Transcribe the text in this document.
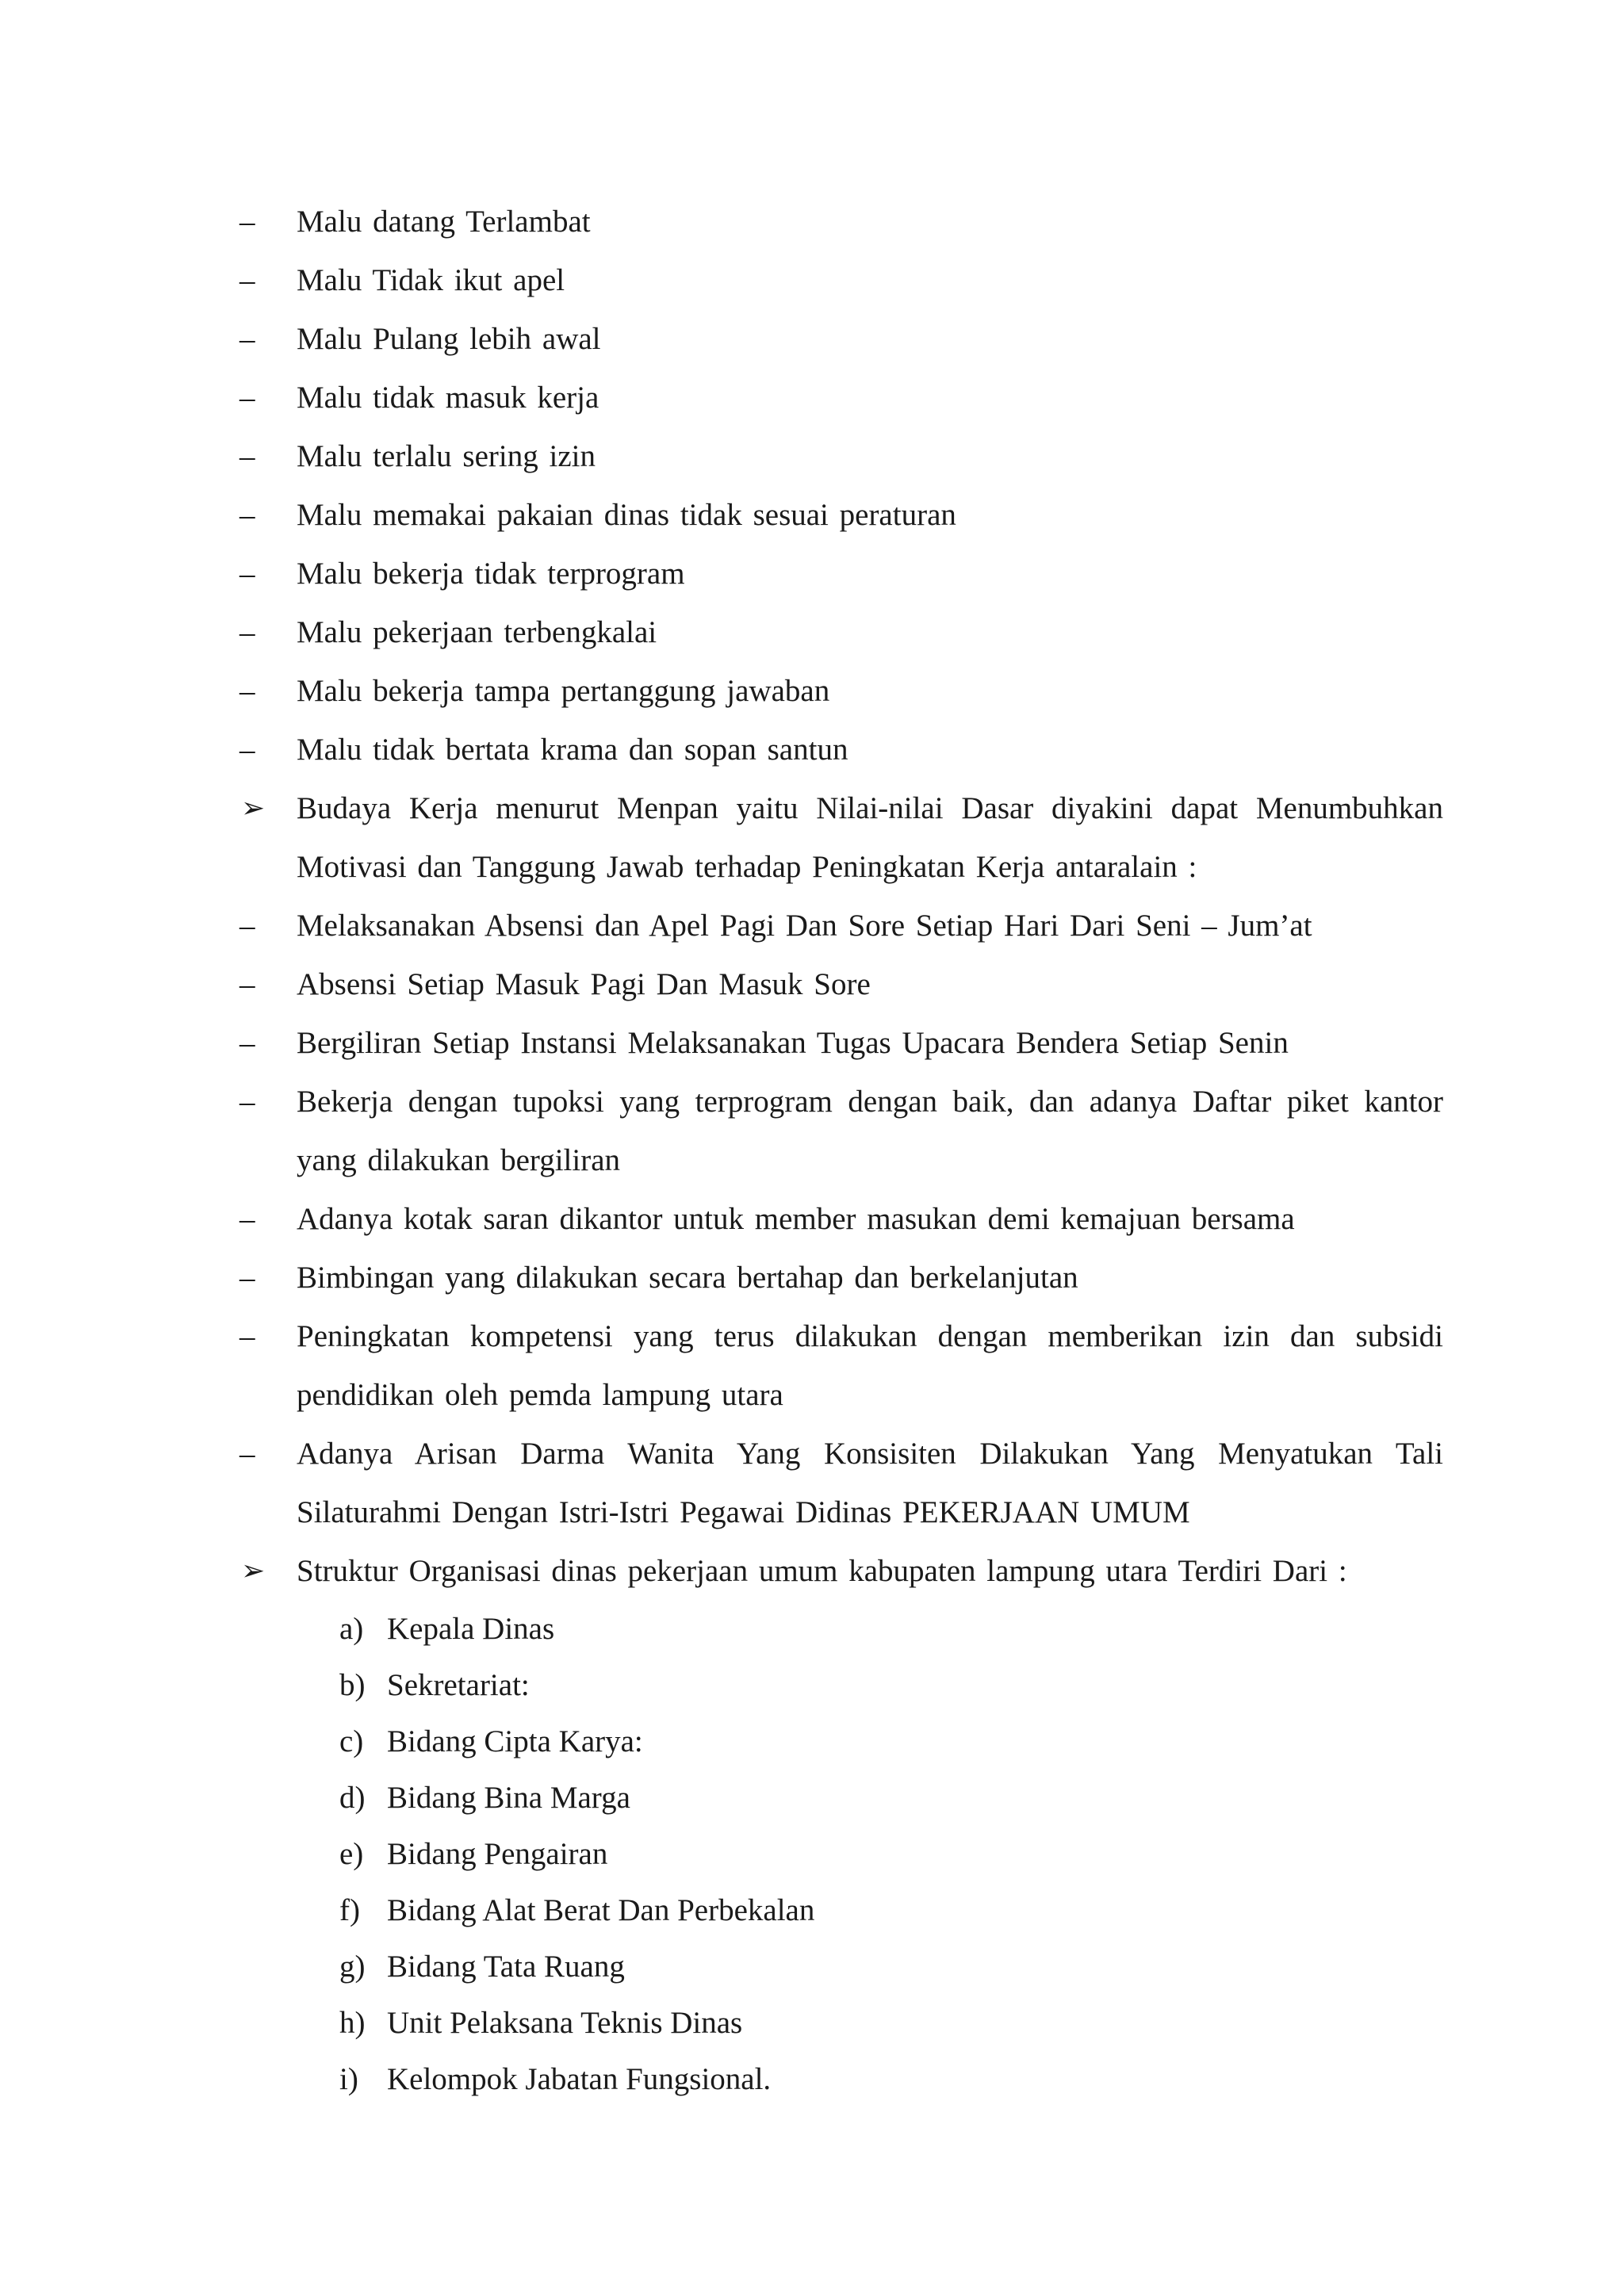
–	Malu datang Terlambat
–	Malu Tidak ikut apel
–	Malu Pulang lebih awal
–	Malu tidak masuk kerja
–	Malu terlalu sering izin
–	Malu memakai pakaian dinas tidak sesuai peraturan
–	Malu bekerja tidak terprogram
–	Malu pekerjaan terbengkalai
–	Malu bekerja tampa pertanggung jawaban
–	Malu tidak bertata krama dan sopan santun
➢	Budaya Kerja menurut Menpan yaitu Nilai-nilai Dasar diyakini dapat Menumbuhkan Motivasi dan Tanggung Jawab terhadap Peningkatan Kerja antaralain :
–	Melaksanakan Absensi dan Apel Pagi Dan Sore Setiap Hari Dari Seni – Jum’at
–	Absensi Setiap Masuk Pagi Dan Masuk Sore
–	Bergiliran Setiap Instansi Melaksanakan Tugas Upacara Bendera Setiap Senin
–	Bekerja dengan tupoksi yang terprogram dengan baik, dan adanya Daftar piket kantor yang dilakukan bergiliran
–	Adanya kotak saran dikantor untuk member masukan demi kemajuan bersama
–	Bimbingan yang dilakukan secara bertahap dan berkelanjutan
–	Peningkatan kompetensi yang terus dilakukan dengan memberikan izin dan subsidi pendidikan oleh pemda lampung utara
–	Adanya Arisan Darma Wanita Yang Konsisiten Dilakukan Yang Menyatukan Tali Silaturahmi Dengan Istri-Istri Pegawai Didinas PEKERJAAN UMUM
➢	Struktur Organisasi dinas pekerjaan umum kabupaten lampung utara Terdiri Dari :
a) Kepala Dinas
b) Sekretariat:
c) Bidang Cipta Karya:
d) Bidang Bina Marga
e) Bidang Pengairan
f) Bidang Alat Berat Dan Perbekalan
g) Bidang Tata Ruang
h) Unit Pelaksana Teknis Dinas
i) Kelompok Jabatan Fungsional.
